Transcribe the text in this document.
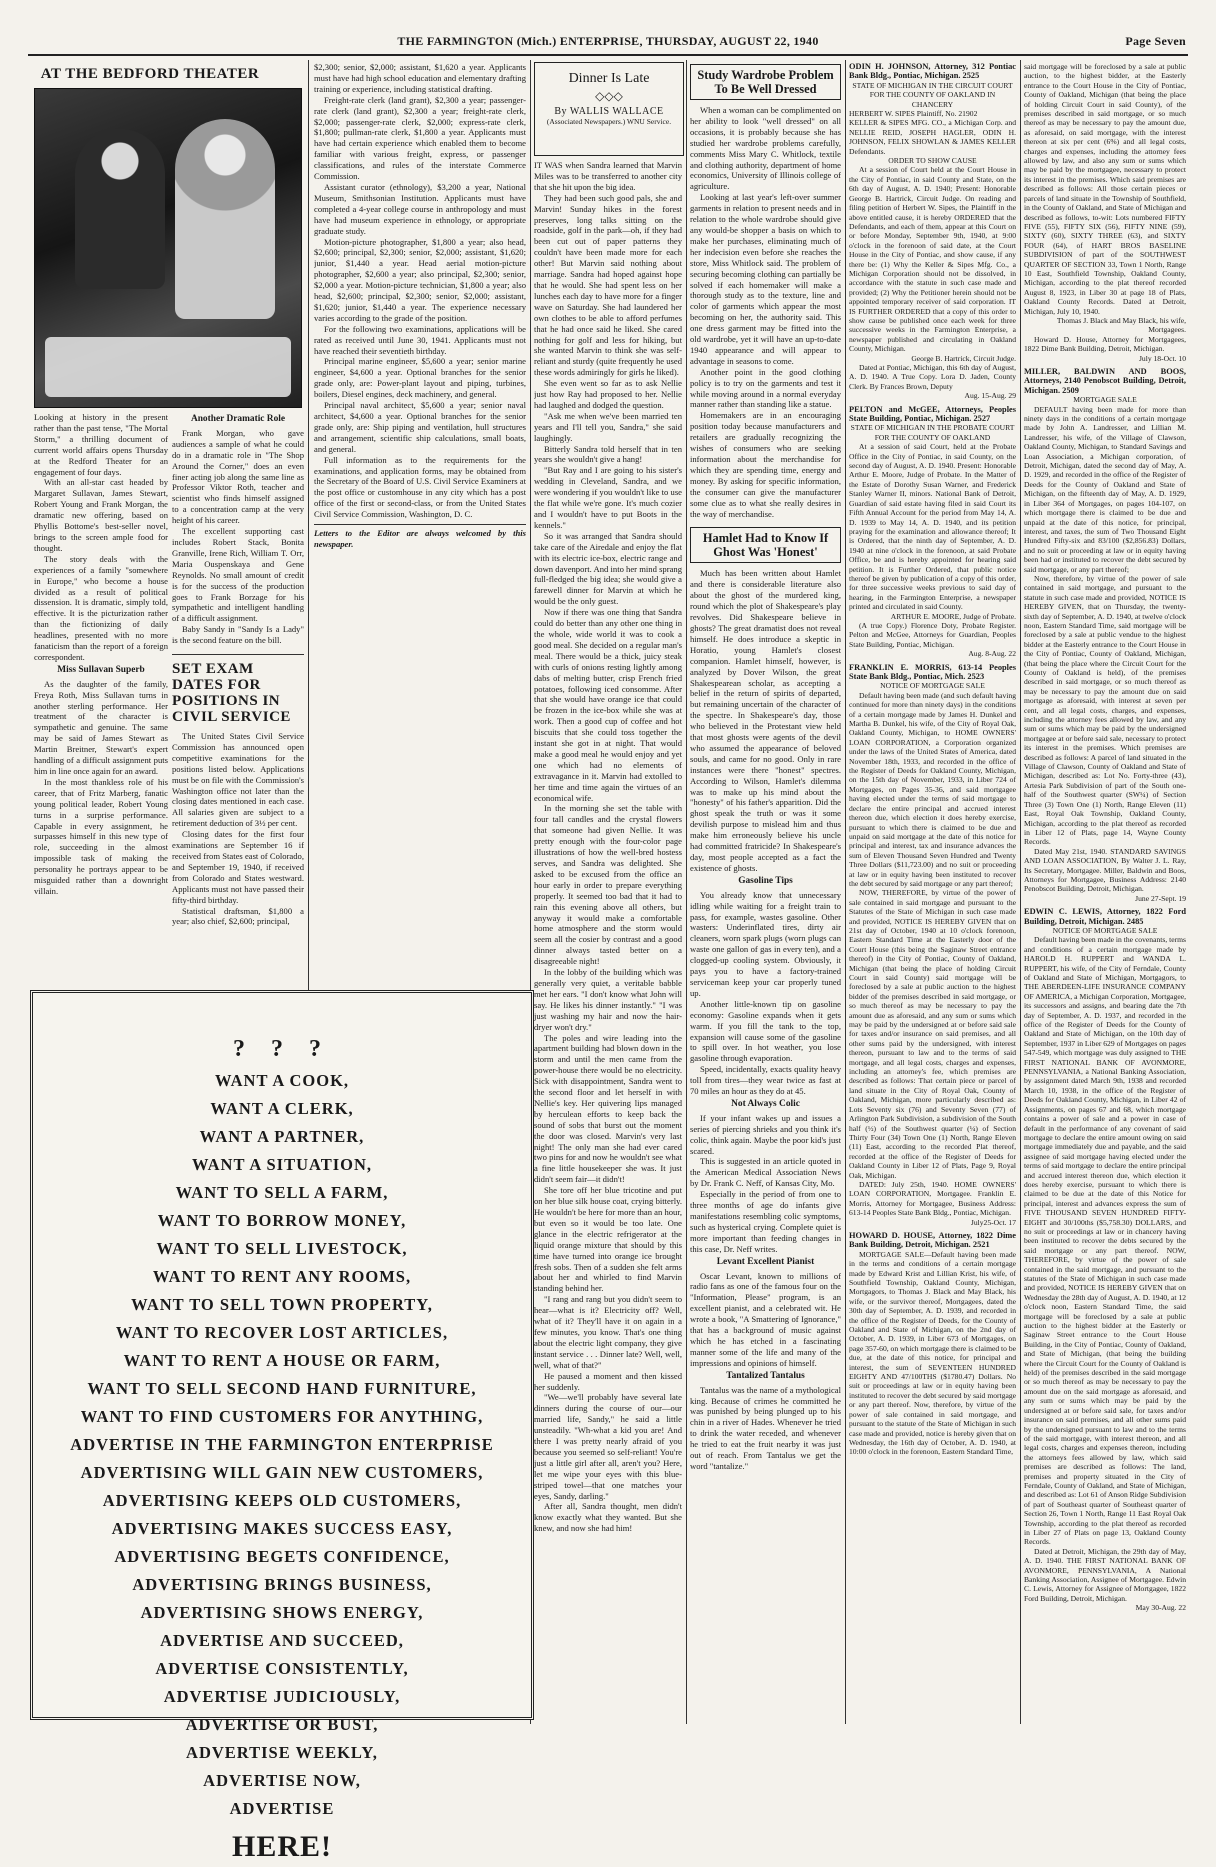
THE FARMINGTON (Mich.) ENTERPRISE, THURSDAY, AUGUST 22, 1940	Page Seven
AT THE BEDFORD THEATER

Looking at history in the present rather than the past tense, "The Mortal Storm," a thrilling document of current world affairs opens Thursday at the Redford Theater for an engagement of four days.

With an all-star cast headed by Margaret Sullavan, James Stewart, Robert Young and Frank Morgan, the dramatic new offering, based on Phyllis Bottome's best-seller novel, brings to the screen ample food for thought.

The story deals with the experiences of a family "somewhere in Europe," who become a house divided as a result of political dissension. It is dramatic, simply told, effective. It is the picturization rather than the fictionizing of daily headlines, presented with no more fanaticism than the report of a foreign correspondent.

Miss Sullavan Superb

As the daughter of the family, Freya Roth, Miss Sullavan turns in another sterling performance. Her treatment of the character is sympathetic and genuine. The same may be said of James Stewart as Martin Breitner, Stewart's expert handling of a difficult assignment puts him in line once again for an award.

In the most thankless role of his career, that of Fritz Marberg, fanatic young political leader, Robert Young turns in a surprise performance. Capable in every assignment, he surpasses himself in this new type of role, succeeding in the almost impossible task of making the personality he portrays appear to be misguided rather than a downright villain.

Another Dramatic Role

Frank Morgan, who gave audiences a sample of what he could do in a dramatic role in "The Shop Around the Corner," does an even finer acting job along the same line as Professor Viktor Roth, teacher and scientist who finds himself assigned to a concentration camp at the very height of his career.

The excellent supporting cast includes Robert Stack, Bonita Granville, Irene Rich, William T. Orr, Maria Ouspenskaya and Gene Reynolds. No small amount of credit is for the success of the production goes to Frank Borzage for his sympathetic and intelligent handling of a difficult assignment.

Baby Sandy in "Sandy Is a Lady" is the second feature on the bill.

SET EXAM DATES FOR POSITIONS IN CIVIL SERVICE

The United States Civil Service Commission has announced open competitive examinations for the positions listed below. Applications must be on file with the Commission's Washington office not later than the closing dates mentioned in each case. All salaries given are subject to a retirement deduction of 3½ per cent.

Closing dates for the first four examinations are September 16 if received from States east of Colorado, and September 19, 1940, if received from Colorado and States westward. Applicants must not have passed their fifty-third birthday.

Statistical draftsman, $1,800 a year; also chief, $2,600; principal,

$2,300; senior, $2,000; assistant, $1,620 a year. Applicants must have had high school education and elementary drafting training or experience, including statistical drafting.

Freight-rate clerk (land grant), $2,300 a year; passenger-rate clerk (land grant), $2,300 a year; freight-rate clerk, $2,000; passenger-rate clerk, $2,000; express-rate clerk, $1,800; pullman-rate clerk, $1,800 a year. Applicants must have had certain experience which enabled them to become familiar with various freight, express, or passenger classifications, and rules of the interstate Commerce Commission.

Assistant curator (ethnology), $3,200 a year, National Museum, Smithsonian Institution. Applicants must have completed a 4-year college course in anthropology and must have had museum experience in ethnology, or appropriate graduate study.

Motion-picture photographer, $1,800 a year; also head, $2,600; principal, $2,300; senior, $2,000; assistant, $1,620; junior, $1,440 a year. Head aerial motion-picture photographer, $2,600 a year; also principal, $2,300; senior, $2,000 a year. Motion-picture technician, $1,800 a year; also head, $2,600; principal, $2,300; senior, $2,000; assistant, $1,620; junior, $1,440 a year. The experience necessary varies according to the grade of the position.

For the following two examinations, applications will be rated as received until June 30, 1941. Applicants must not have reached their seventieth birthday.

Principal marine engineer, $5,600 a year; senior marine engineer, $4,600 a year. Optional branches for the senior grade only, are: Power-plant layout and piping, turbines, boilers, Diesel engines, deck machinery, and general.

Principal naval architect, $5,600 a year; senior naval architect, $4,600 a year. Optional branches for the senior grade only, are: Ship piping and ventilation, hull structures and arrangement, scientific ship calculations, small boats, and general.

Full information as to the requirements for the examinations, and application forms, may be obtained from the Secretary of the Board of U.S. Civil Service Examiners at the post office or customhouse in any city which has a post office of the first or second-class, or from the United States Civil Service Commission, Washington, D. C.

Letters to the Editor are always welcomed by this newspaper.

? ? ?
WANT A COOK,
WANT A CLERK,
WANT A PARTNER,
WANT A SITUATION,
WANT TO SELL A FARM,
WANT TO BORROW MONEY,
WANT TO SELL LIVESTOCK,
WANT TO RENT ANY ROOMS,
WANT TO SELL TOWN PROPERTY,
WANT TO RECOVER LOST ARTICLES,
WANT TO RENT A HOUSE OR FARM,
WANT TO SELL SECOND HAND FURNITURE,
WANT TO FIND CUSTOMERS FOR ANYTHING,
ADVERTISE IN THE FARMINGTON ENTERPRISE
ADVERTISING WILL GAIN NEW CUSTOMERS,
ADVERTISING KEEPS OLD CUSTOMERS,
ADVERTISING MAKES SUCCESS EASY,
ADVERTISING BEGETS CONFIDENCE,
ADVERTISING BRINGS BUSINESS,
ADVERTISING SHOWS ENERGY,
ADVERTISE AND SUCCEED,
ADVERTISE CONSISTENTLY,
ADVERTISE JUDICIOUSLY,
ADVERTISE OR BUST,
ADVERTISE WEEKLY,
ADVERTISE NOW,
ADVERTISE
HERE!
Dinner Is Late
◇◇◇
By WALLIS WALLACE
(Associated Newspapers.) WNU Service.

IT WAS when Sandra learned that Marvin Miles was to be transferred to another city that she hit upon the big idea.

They had been such good pals, she and Marvin! Sunday hikes in the forest preserves, long talks sitting on the roadside, golf in the park—oh, if they had been cut out of paper patterns they couldn't have been made more for each other! But Marvin said nothing about marriage. Sandra had hoped against hope that he would. She had spent less on her lunches each day to have more for a finger wave on Saturday. She had laundered her own clothes to be able to afford perfumes that he had once said he liked. She cared nothing for golf and less for hiking, but she wanted Marvin to think she was self-reliant and sturdy (quite frequently he used these words admiringly for girls he liked).

She even went so far as to ask Nellie just how Ray had proposed to her. Nellie had laughed and dodged the question.

"Ask me when we've been married ten years and I'll tell you, Sandra," she said laughingly.

Bitterly Sandra told herself that in ten years she wouldn't give a hang!

"But Ray and I are going to his sister's wedding in Cleveland, Sandra, and we were wondering if you wouldn't like to use the flat while we're gone. It's much cozier and I wouldn't have to put Boots in the kennels."

So it was arranged that Sandra should take care of the Airedale and enjoy the flat with its electric ice-box, electric range and down davenport. And into her mind sprang full-fledged the big idea; she would give a farewell dinner for Marvin at which he would be the only guest.

Now if there was one thing that Sandra could do better than any other one thing in the whole, wide world it was to cook a good meal. She decided on a regular man's meal. There would be a thick, juicy steak with curls of onions resting lightly among dabs of melting butter, crisp French fried potatoes, following iced consomme. After that she would have orange ice that could be frozen in the ice-box while she was at work. Then a good cup of coffee and hot biscuits that she could toss together the instant she got in at night. That would make a good meal he would enjoy and yet one which had no elements of extravagance in it. Marvin had extolled to her time and time again the virtues of an economical wife.

In the morning she set the table with four tall candles and the crystal flowers that someone had given Nellie. It was pretty enough with the four-color page illustrations of how the well-bred hostess serves, and Sandra was delighted. She asked to be excused from the office an hour early in order to prepare everything properly. It seemed too bad that it had to rain this evening above all others, but anyway it would make a comfortable home atmosphere and the storm would seem all the cosier by contrast and a good dinner always tasted better on a disagreeable night!

In the lobby of the building which was generally very quiet, a veritable babble met her ears. "I don't know what John will say. He likes his dinner instantly." "I was just washing my hair and now the hair-dryer won't dry."

The poles and wire leading into the apartment building had blown down in the storm and until the men came from the power-house there would be no electricity. Sick with disappointment, Sandra went to the second floor and let herself in with Nellie's key. Her quivering lips managed by herculean efforts to keep back the sound of sobs that burst out the moment the door was closed. Marvin's very last night! The only man she had ever cared two pins for and now he wouldn't see what a fine little housekeeper she was. It just didn't seem fair—it didn't!

She tore off her blue tricotine and put on her blue silk house coat, crying bitterly. He wouldn't be here for more than an hour, but even so it would be too late. One glance in the electric refrigerator at the liquid orange mixture that should by this time have turned into orange ice brought fresh sobs. Then of a sudden she felt arms about her and whirled to find Marvin standing behind her.

"I rang and rang but you didn't seem to hear—what is it? Electricity off? Well, what of it? They'll have it on again in a few minutes, you know. That's one thing about the electric light company, they give instant service . . . Dinner late? Well, well, well, what of that?"

He paused a moment and then kissed her suddenly.

"We—we'll probably have several late dinners during the course of our—our married life, Sandy," he said a little unsteadily. "Wh-what a kid you are! And there I was pretty nearly afraid of you because you seemed so self-reliant! You're just a little girl after all, aren't you? Here, let me wipe your eyes with this blue-striped towel—that one matches your eyes, Sandy, darling."

After all, Sandra thought, men didn't know exactly what they wanted. But she knew, and now she had him!

Study Wardrobe Problem To Be Well Dressed

When a woman can be complimented on her ability to look "well dressed" on all occasions, it is probably because she has studied her wardrobe problems carefully, comments Miss Mary C. Whitlock, textile and clothing authority, department of home economics, University of Illinois college of agriculture.

Looking at last year's left-over summer garments in relation to present needs and in relation to the whole wardrobe should give any would-be shopper a basis on which to make her purchases, eliminating much of her indecision even before she reaches the store, Miss Whitlock said. The problem of securing becoming clothing can partially be solved if each homemaker will make a thorough study as to the texture, line and color of garments which appear the most becoming on her, the authority said. This one dress garment may be fitted into the old wardrobe, yet it will have an up-to-date 1940 appearance and will appear to advantage in seasons to come.

Another point in the good clothing policy is to try on the garments and test it while moving around in a normal everyday manner rather than standing like a statue.

Homemakers are in an encouraging position today because manufacturers and retailers are gradually recognizing the wishes of consumers who are seeking information about the merchandise for which they are spending time, energy and money. By asking for specific information, the consumer can give the manufacturer some clue as to what she really desires in the way of merchandise.

Hamlet Had to Know If Ghost Was 'Honest'

Much has been written about Hamlet and there is considerable literature also about the ghost of the murdered king, round which the plot of Shakespeare's play revolves. Did Shakespeare believe in ghosts? The great dramatist does not reveal himself. He does introduce a skeptic in Horatio, young Hamlet's closest companion. Hamlet himself, however, is analyzed by Dover Wilson, the great Shakespearean scholar, as accepting a belief in the return of spirits of departed, but remaining uncertain of the character of the spectre. In Shakespeare's day, those who believed in the Protestant view held that most ghosts were agents of the devil who assumed the appearance of beloved souls, and came for no good. Only in rare instances were there "honest" spectres. According to Wilson, Hamlet's dilemma was to make up his mind about the "honesty" of his father's apparition. Did the ghost speak the truth or was it some devilish purpose to mislead him and thus make him erroneously believe his uncle had committed fratricide? In Shakespeare's day, most people accepted as a fact the existence of ghosts.

Gasoline Tips

You already know that unnecessary idling while waiting for a freight train to pass, for example, wastes gasoline. Other wasters: Underinflated tires, dirty air cleaners, worn spark plugs (worn plugs can waste one gallon of gas in every ten), and a clogged-up cooling system. Obviously, it pays you to have a factory-trained serviceman keep your car properly tuned up.

Another little-known tip on gasoline economy: Gasoline expands when it gets warm. If you fill the tank to the top, expansion will cause some of the gasoline to spill over. In hot weather, you lose gasoline through evaporation.

Speed, incidentally, exacts quality heavy toll from tires—they wear twice as fast at 70 miles an hour as they do at 45.

Not Always Colic

If your infant wakes up and issues a series of piercing shrieks and you think it's colic, think again. Maybe the poor kid's just scared.

This is suggested in an article quoted in the American Medical Association News by Dr. Frank C. Neff, of Kansas City, Mo.

Especially in the period of from one to three months of age do infants give manifestations resembling colic symptoms, such as hysterical crying. Complete quiet is more important than feeding changes in this case, Dr. Neff writes.

Levant Excellent Pianist

Oscar Levant, known to millions of radio fans as one of the famous four on the "Information, Please" program, is an excellent pianist, and a celebrated wit. He wrote a book, "A Smattering of Ignorance," that has a background of music against which he has etched in a fascinating manner some of the life and many of the impressions and opinions of himself.

Tantalized Tantalus

Tantalus was the name of a mythological king. Because of crimes he committed he was punished by being plunged up to his chin in a river of Hades. Whenever he tried to drink the water receded, and whenever he tried to eat the fruit nearby it was just out of reach. From Tantalus we get the word "tantalize."

ODIN H. JOHNSON, Attorney, 312 Pontiac Bank Bldg., Pontiac, Michigan. 2525

STATE OF MICHIGAN IN THE CIRCUIT COURT FOR THE COUNTY OF OAKLAND IN CHANCERY

HERBERT W. SIPES Plaintiff, No. 21902

KELLER & SIPES MFG. CO., a Michigan Corp. and NELLIE REID, JOSEPH HAGLER, ODIN H. JOHNSON, FELIX SHOWLAN & JAMES KELLER Defendants.

ORDER TO SHOW CAUSE

At a session of Court held at the Court House in the City of Pontiac, in said County and State, on the 6th day of August, A. D. 1940; Present: Honorable George B. Hartrick, Circuit Judge. On reading and filing petition of Herbert W. Sipes, the Plaintiff in the above entitled cause, it is hereby ORDERED that the Defendants, and each of them, appear at this Court on or before Monday, September 9th, 1940, at 9:00 o'clock in the forenoon of said date, at the Court House in the City of Pontiac, and show cause, if any there be: (1) Why the Keller & Sipes Mfg. Co., a Michigan Corporation should not be dissolved, in accordance with the statute in such case made and provided; (2) Why the Petitioner herein should not be appointed temporary receiver of said corporation. IT IS FURTHER ORDERED that a copy of this order to show cause be published once each week for three successive weeks in the Farmington Enterprise, a newspaper published and circulating in Oakland County, Michigan.

George B. Hartrick, Circuit Judge.

Dated at Pontiac, Michigan, this 6th day of August, A. D. 1940. A True Copy. Lora D. Jaden, County Clerk. By Frances Brown, Deputy

Aug. 15-Aug. 29

PELTON and McGEE, Attorneys, Peoples State Building, Pontiac, Michigan. 2527

STATE OF MICHIGAN IN THE PROBATE COURT FOR THE COUNTY OF OAKLAND

At a session of said Court, held at the Probate Office in the City of Pontiac, in said County, on the second day of August, A. D. 1940. Present: Honorable Arthur E. Moore, Judge of Probate. In the Matter of the Estate of Dorothy Susan Warner, and Frederick Stanley Warner II, minors. National Bank of Detroit, Guardian of said estate having filed in said Court its Fifth Annual Account for the period from May 14, A. D. 1939 to May 14, A. D. 1940, and its petition praying for the examination and allowance thereof; It is Ordered, that the ninth day of September, A. D. 1940 at nine o'clock in the forenoon, at said Probate Office, be and is hereby appointed for hearing said petition. It is Further Ordered, that public notice thereof be given by publication of a copy of this order, for three successive weeks previous to said day of hearing, in the Farmington Enterprise, a newspaper printed and circulated in said County.

ARTHUR E. MOORE, Judge of Probate.

(A true Copy.) Florence Doty, Probate Register. Pelton and McGee, Attorneys for Guardian, Peoples State Building, Pontiac, Michigan.

Aug. 8-Aug. 22

FRANKLIN E. MORRIS, 613-14 Peoples State Bank Bldg., Pontiac, Mich. 2523

NOTICE OF MORTGAGE SALE

Default having been made (and such default having continued for more than ninety days) in the conditions of a certain mortgage made by James H. Dunkel and Martha B. Dunkel, his wife, of the City of Royal Oak, Oakland County, Michigan, to HOME OWNERS' LOAN CORPORATION, a Corporation organized under the laws of the United States of America, dated November 18th, 1933, and recorded in the office of the Register of Deeds for Oakland County, Michigan, on the 15th day of November, 1933, in Liber 724 of Mortgages, on Pages 35-36, and said mortgagee having elected under the terms of said mortgage to declare the entire principal and accrued interest thereon due, which election it does hereby exercise, pursuant to which there is claimed to be due and unpaid on said mortgage at the date of this notice for principal and interest, tax and insurance advances the sum of Eleven Thousand Seven Hundred and Twenty Three Dollars ($11,723.00) and no suit or proceeding at law or in equity having been instituted to recover the debt secured by said mortgage or any part thereof;

NOW, THEREFORE, by virtue of the power of sale contained in said mortgage and pursuant to the Statutes of the State of Michigan in such case made and provided, NOTICE IS HEREBY GIVEN that on 21st day of October, 1940 at 10 o'clock forenoon, Eastern Standard Time at the Easterly door of the Court House (this being the Saginaw Street entrance thereof) in the City of Pontiac, County of Oakland, Michigan (that being the place of holding Circuit Court in said County) said mortgage will be foreclosed by a sale at public auction to the highest bidder of the premises described in said mortgage, or so much thereof as may be necessary to pay the amount due as aforesaid, and any sum or sums which may be paid by the undersigned at or before said sale for taxes and/or insurance on said premises, and all other sums paid by the undersigned, with interest thereon, pursuant to law and to the terms of said mortgage, and all legal costs, charges and expenses, including an attorney's fee, which premises are described as follows: That certain piece or parcel of land situate in the City of Royal Oak, County of Oakland, Michigan, more particularly described as: Lots Seventy six (76) and Seventy Seven (77) of Arlington Park Subdivision, a subdivision of the South half (½) of the Southwest quarter (¼) of Section Thirty Four (34) Town One (1) North, Range Eleven (11) East, according to the recorded Plat thereof, recorded at the office of the Register of Deeds for Oakland County in Liber 12 of Plats, Page 9, Royal Oak, Michigan.

DATED: July 25th, 1940. HOME OWNERS' LOAN CORPORATION, Mortgagee. Franklin E. Morris, Attorney for Mortgagee, Business Address: 613-14 Peoples State Bank Bldg., Pontiac, Michigan.

July25-Oct. 17

HOWARD D. HOUSE, Attorney, 1822 Dime Bank Building, Detroit, Michigan. 2521

MORTGAGE SALE—Default having been made in the terms and conditions of a certain mortgage made by Edward Krist and Lillian Krist, his wife, of Southfield Township, Oakland County, Michigan, Mortgagors, to Thomas J. Black and May Black, his wife, or the survivor thereof, Mortgagees, dated the 30th day of September, A. D. 1939, and recorded in the office of the Register of Deeds, for the County of Oakland and State of Michigan, on the 2nd day of October, A. D. 1939, in Liber 673 of Mortgages, on page 357-60, on which mortgage there is claimed to be due, at the date of this notice, for principal and interest, the sum of SEVENTEEN HUNDRED EIGHTY AND 47/100THS ($1780.47) Dollars. No suit or proceedings at law or in equity having been instituted to recover the debt secured by said mortgage or any part thereof. Now, therefore, by virtue of the power of sale contained in said mortgage, and pursuant to the statute of the State of Michigan in such case made and provided, notice is hereby given that on Wednesday, the 16th day of October, A. D. 1940, at 10:00 o'clock in the forenoon, Eastern Standard Time,

said mortgage will be foreclosed by a sale at public auction, to the highest bidder, at the Easterly entrance to the Court House in the City of Pontiac, County of Oakland, Michigan (that being the place of holding Circuit Court in said County), of the premises described in said mortgage, or so much thereof as may be necessary to pay the amount due, as aforesaid, on said mortgage, with the interest thereon at six per cent (6%) and all legal costs, charges and expenses, including the attorney fees allowed by law, and also any sum or sums which may be paid by the mortgagee, necessary to protect its interest in the premises. Which said premises are described as follows: All those certain pieces or parcels of land situate in the Township of Southfield, in the County of Oakland, and State of Michigan and described as follows, to-wit: Lots numbered FIFTY FIVE (55), FIFTY SIX (56), FIFTY NINE (59), SIXTY (60), SIXTY THREE (63), and SIXTY FOUR (64), of HART BROS BASELINE SUBDIVISION of part of the SOUTHWEST QUARTER OF SECTION 33, Town 1 North, Range 10 East, Southfield Township, Oakland County, Michigan, according to the plat thereof recorded August 8, 1923, in Liber 30 at page 18 of Plats, Oakland County Records. Dated at Detroit, Michigan, July 10, 1940.

Thomas J. Black and May Black, his wife, Mortgagees.

Howard D. House, Attorney for Mortgagees, 1822 Dime Bank Building, Detroit, Michigan.

July 18-Oct. 10

MILLER, BALDWIN AND BOOS, Attorneys, 2140 Penobscot Building, Detroit, Michigan. 2509

MORTGAGE SALE

DEFAULT having been made for more than ninety days in the conditions of a certain mortgage made by John A. Landresser, and Lillian M. Landresser, his wife, of the Village of Clawson, Oakland County, Michigan, to Standard Savings and Loan Association, a Michigan corporation, of Detroit, Michigan, dated the second day of May, A. D. 1929, and recorded in the office of the Register of Deeds for the County of Oakland and State of Michigan, on the fifteenth day of May, A. D. 1929, in Liber 364 of Mortgages, on pages 104-107, on which mortgage there is claimed to be due and unpaid at the date of this notice, for principal, interest, and taxes, the sum of Two Thousand Eight Hundred Fifty-six and 83/100 ($2,856.83) Dollars, and no suit or proceeding at law or in equity having been had or instituted to recover the debt secured by said mortgage, or any part thereof;

Now, therefore, by virtue of the power of sale contained in said mortgage, and pursuant to the statute in such case made and provided, NOTICE IS HEREBY GIVEN, that on Thursday, the twenty-sixth day of September, A. D. 1940, at twelve o'clock noon, Eastern Standard Time, said mortgage will be foreclosed by a sale at public vendue to the highest bidder at the Easterly entrance to the Court House in the City of Pontiac, County of Oakland, Michigan, (that being the place where the Circuit Court for the County of Oakland is held), of the premises described in said mortgage, or so much thereof as may be necessary to pay the amount due on said mortgage as aforesaid, with interest at seven per cent, and all legal costs, charges, and expenses, including the attorney fees allowed by law, and any sum or sums which may be paid by the undersigned mortgagee at or before said sale, necessary to protect its interest in the premises. Which premises are described as follows: A parcel of land situated in the Village of Clawson, County of Oakland and State of Michigan, described as: Lot No. Forty-three (43), Artesia Park Subdivision of part of the South one-half of the Southwest quarter (SW¼) of Section Three (3) Town One (1) North, Range Eleven (11) East, Royal Oak Township, Oakland County, Michigan, according to the plat thereof as recorded in Liber 12 of Plats, page 14, Wayne County Records.

Dated May 21st, 1940. STANDARD SAVINGS AND LOAN ASSOCIATION, By Walter J. L. Ray, Its Secretary, Mortgagee. Miller, Baldwin and Boos, Attorneys for Mortgagee, Business Address: 2140 Penobscot Building, Detroit, Michigan.

June 27-Sept. 19

EDWIN C. LEWIS, Attorney, 1822 Ford Building, Detroit, Michigan. 2485

NOTICE OF MORTGAGE SALE

Default having been made in the covenants, terms and conditions of a certain mortgage made by HAROLD H. RUPPERT and WANDA L. RUPPERT, his wife, of the City of Ferndale, County of Oakland and State of Michigan, Mortgagors, to THE ABERDEEN-LIFE INSURANCE COMPANY OF AMERICA, a Michigan Corporation, Mortgagee, its successors and assigns, and bearing date the 7th day of September, A. D. 1937, and recorded in the office of the Register of Deeds for the County of Oakland and State of Michigan, on the 10th day of September, 1937 in Liber 629 of Mortgages on pages 547-549, which mortgage was duly assigned to THE FIRST NATIONAL BANK OF AVONMORE, PENNSYLVANIA, a National Banking Association, by assignment dated March 9th, 1938 and recorded March 10, 1938, in the office of the Register of Deeds for Oakland County, Michigan, in Liber 42 of Assignments, on pages 67 and 68, which mortgage contains a power of sale and a power in case of default in the performance of any covenant of said mortgage to declare the entire amount owing on said mortgage immediately due and payable, and the said assignee of said mortgage having elected under the terms of said mortgage to declare the entire principal and accrued interest thereon due, which election it does hereby exercise, pursuant to which there is claimed to be due at the date of this Notice for principal, interest and advances express the sum of FIVE THOUSAND SEVEN HUNDRED FIFTY-EIGHT and 30/100ths ($5,758.30) DOLLARS, and no suit or proceedings at law or in chancery having been instituted to recover the debts secured by the said mortgage or any part thereof. NOW, THEREFORE, by virtue of the power of sale contained in the said mortgage, and pursuant to the statutes of the State of Michigan in such case made and provided, NOTICE IS HEREBY GIVEN that on Wednesday the 28th day of August, A. D. 1940, at 12 o'clock noon, Eastern Standard Time, the said mortgage will be foreclosed by a sale at public auction to the highest bidder at the Easterly or Saginaw Street entrance to the Court House Building, in the City of Pontiac, County of Oakland, and State of Michigan, (that being the building where the Circuit Court for the County of Oakland is held) of the premises described in the said mortgage or so much thereof as may be necessary to pay the amount due on the said mortgage as aforesaid, and any sum or sums which may be paid by the undersigned at or before said sale, for taxes and/or insurance on said premises, and all other sums paid by the undersigned pursuant to law and to the terms of the said mortgage, with interest thereon, and all legal costs, charges and expenses thereon, including the attorneys fees allowed by law, which said premises are described as follows: The land, premises and property situated in the City of Ferndale, County of Oakland, and State of Michigan, and described as: Lot 61 of Anson Ridge Subdivision of part of Southeast quarter of Southeast quarter of Section 26, Town 1 North, Range 11 East Royal Oak Township, according to the plat thereof as recorded in Liber 27 of Plats on page 13, Oakland County Records.

Dated at Detroit, Michigan, the 29th day of May, A. D. 1940. THE FIRST NATIONAL BANK OF AVONMORE, PENNSYLVANIA, A National Banking Association, Assignee of Mortgagee. Edwin C. Lewis, Attorney for Assignee of Mortgagee, 1822 Ford Building, Detroit, Michigan.

May 30-Aug. 22
